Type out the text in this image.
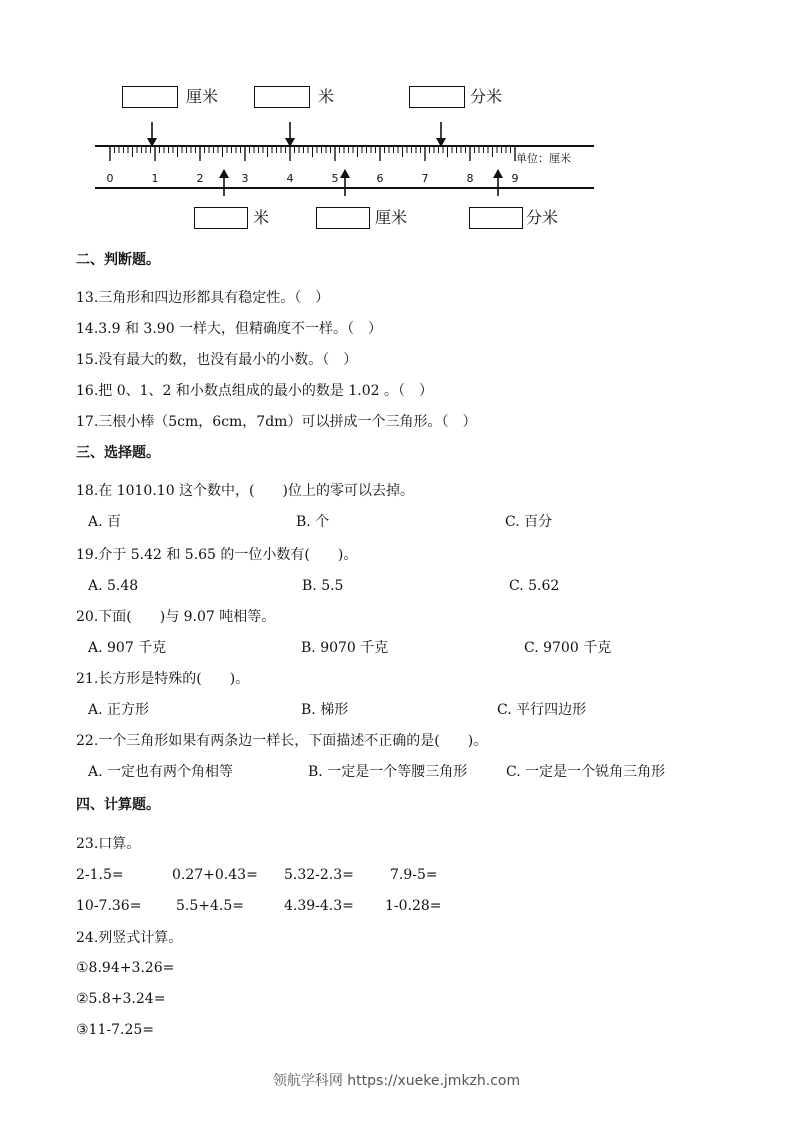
厘米	米	分米
米	厘米	分米
0	1	2	3	4	5	6	7	8	9
单位：厘米
二、判断题。
13.三角形和四边形都具有稳定性。（　）
14.3.9 和 3.90 一样大，但精确度不一样。（　）
15.没有最大的数，也没有最小的小数。（　）
16.把 0、1、2 和小数点组成的最小的数是 1.02 。（　）
17.三根小棒（5cm，6cm，7dm）可以拼成一个三角形。（　）
三、选择题。
18.在 1010.10 这个数中，(　　)位上的零可以去掉。
A. 百	B. 个	C. 百分
19.介于 5.42 和 5.65 的一位小数有(　　)。
A. 5.48	B. 5.5	C. 5.62
20.下面(　　)与 9.07 吨相等。
A. 907 千克	B. 9070 千克	C. 9700 千克
21.长方形是特殊的(　　)。
A. 正方形	B. 梯形	C. 平行四边形
22.一个三角形如果有两条边一样长，下面描述不正确的是(　　)。
A. 一定也有两个角相等	B. 一定是一个等腰三角形	C. 一定是一个锐角三角形
四、计算题。
23.口算。
2-1.5=	0.27+0.43= 5.32-2.3=	7.9-5=
10-7.36= 5.5+4.5=	4.39-4.3= 1-0.28=
24.列竖式计算。
①8.94+3.26=
②5.8+3.24=
③11-7.25=
领航学科网 https://xueke.jmkzh.com
